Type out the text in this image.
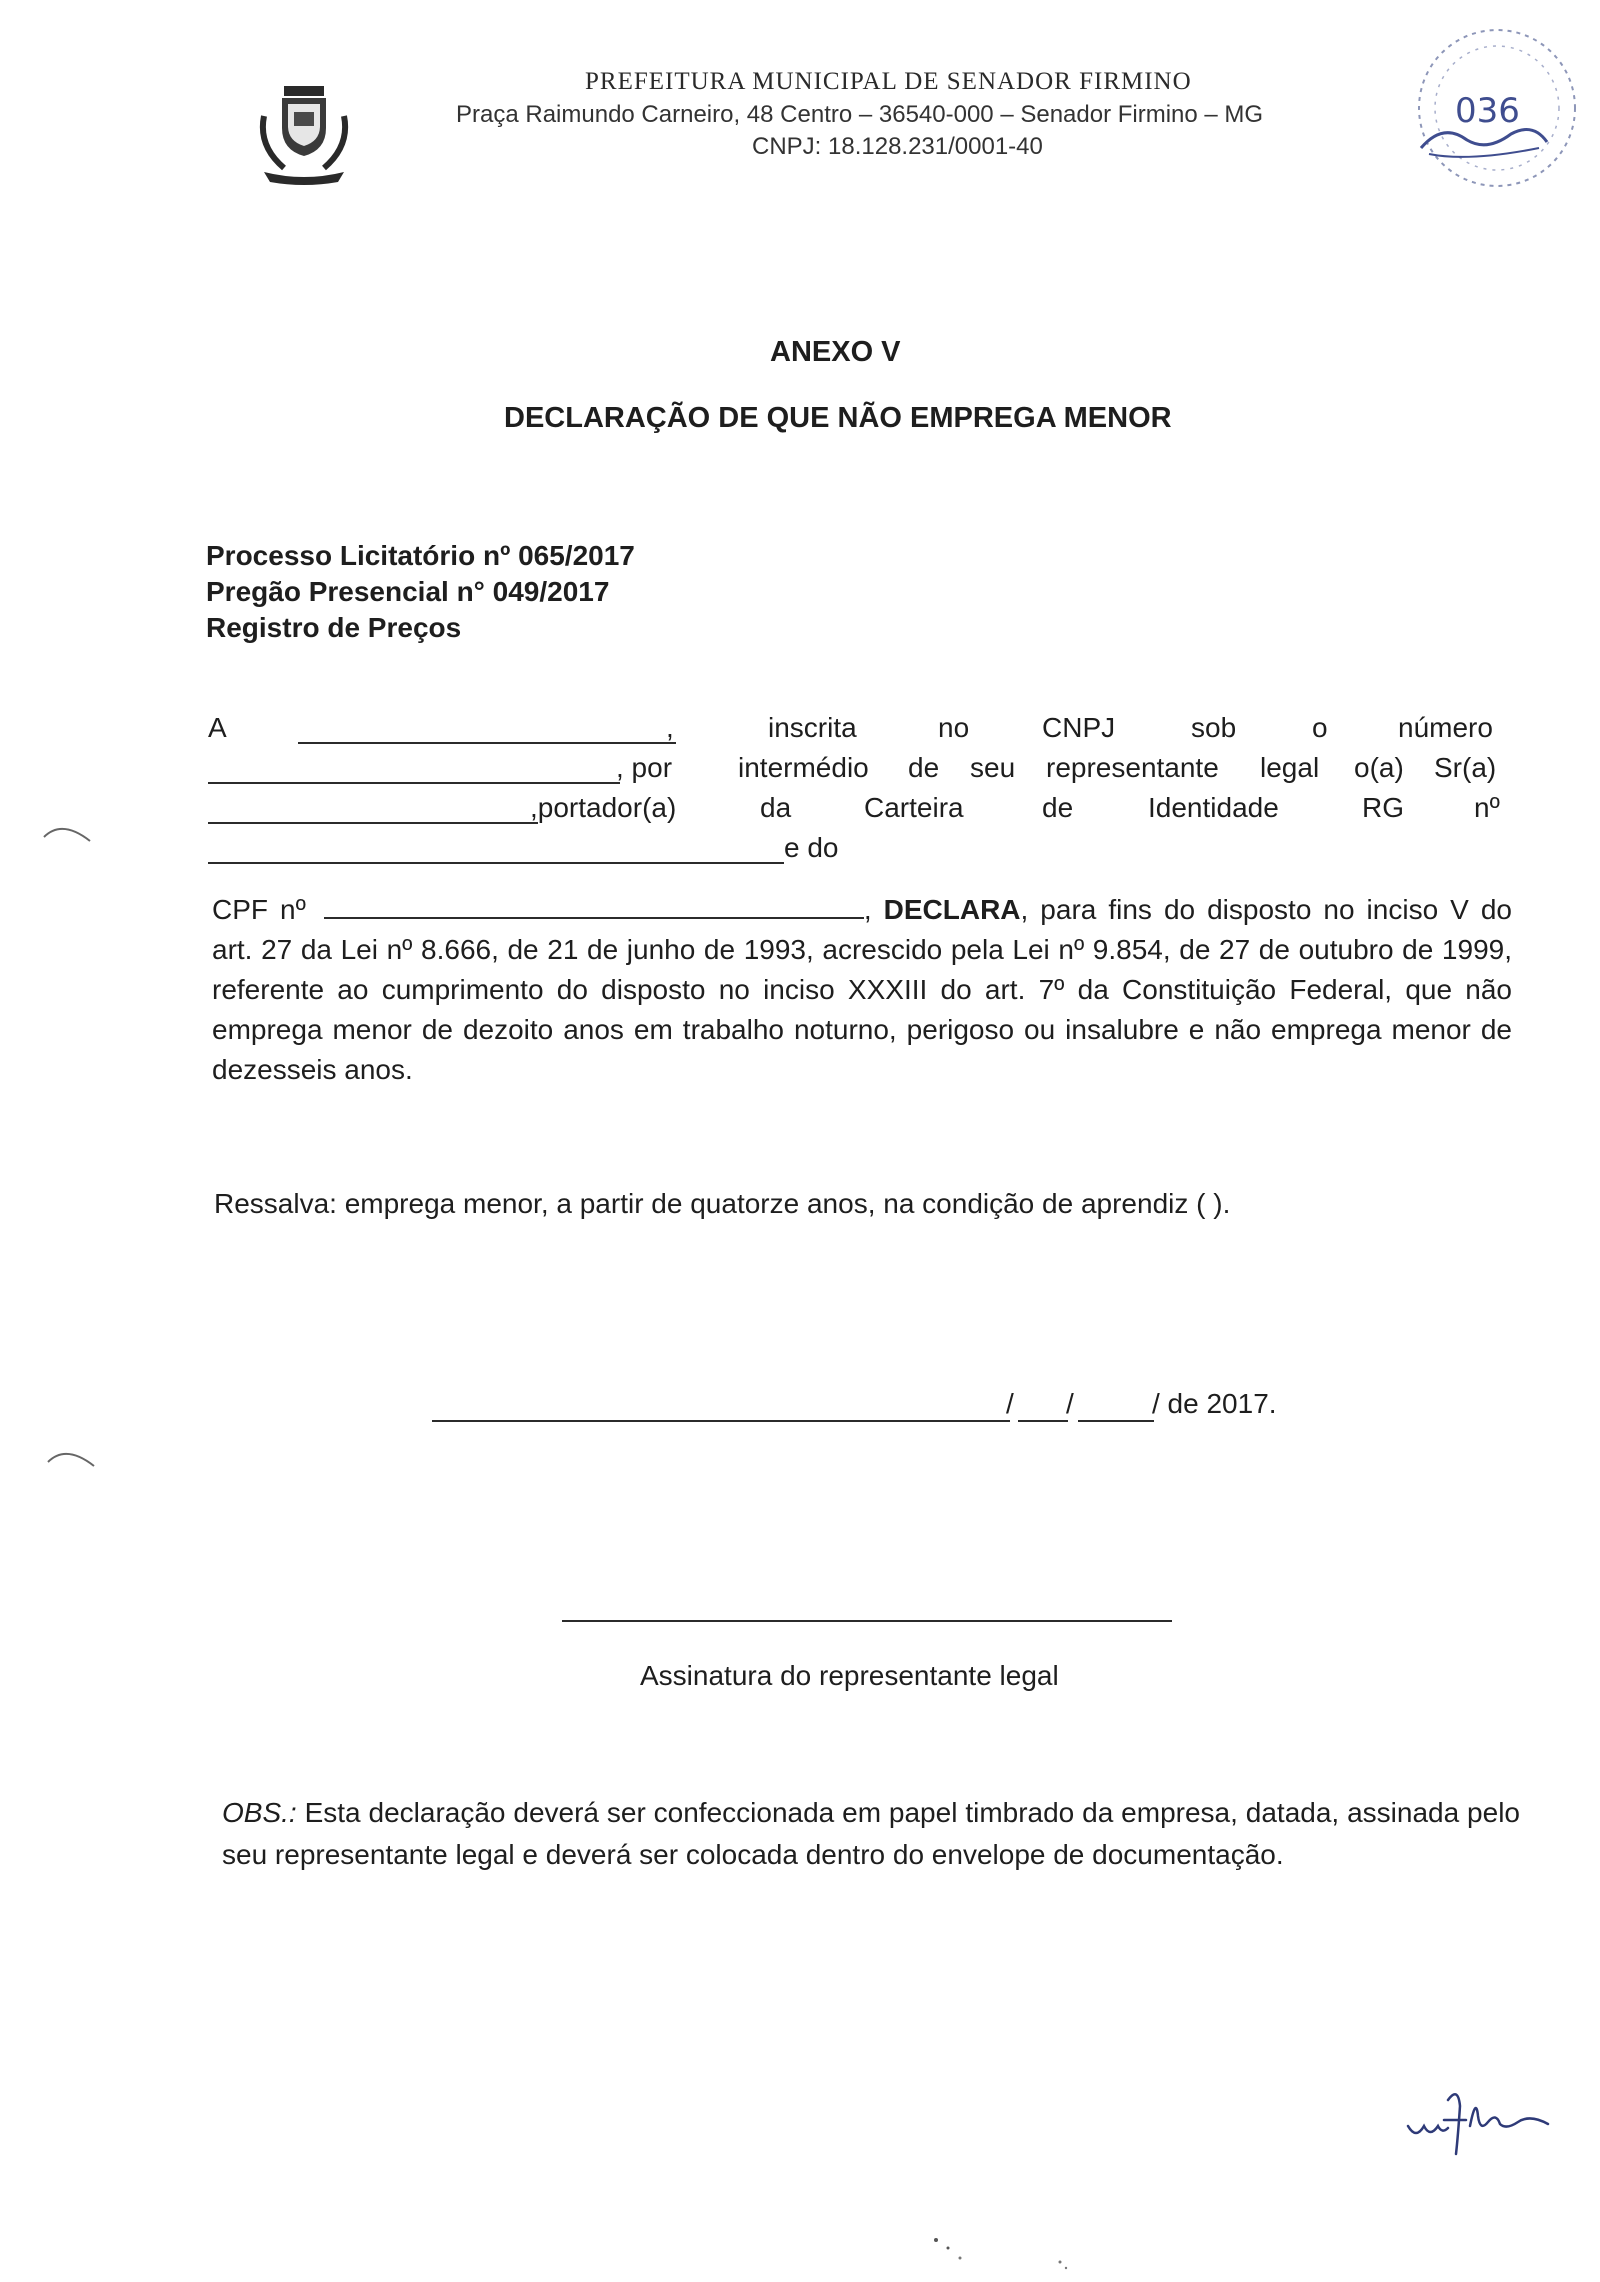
PREFEITURA MUNICIPAL DE SENADOR FIRMINO
Praça Raimundo Carneiro, 48 Centro – 36540-000 – Senador Firmino – MG
CNPJ: 18.128.231/0001-40
036
ANEXO V
DECLARAÇÃO DE QUE NÃO EMPREGA MENOR
Processo Licitatório nº 065/2017
Pregão Presencial n° 049/2017
Registro de Preços
A	,	inscrita	no	CNPJ	sob	o	número
, por intermédio de seu representante legal o(a) Sr(a)
,portador(a)	da	Carteira	de	Identidade	RG	nº
e do
CPF nº	, DECLARA, para fins do disposto no inciso V do art. 27 da Lei nº 8.666, de 21 de junho de 1993, acrescido pela Lei nº 9.854, de 27 de outubro de 1999, referente ao cumprimento do disposto no inciso XXXIII do art. 7º da Constituição Federal, que não emprega menor de dezoito anos em trabalho noturno, perigoso ou insalubre e não emprega menor de dezesseis anos.
Ressalva: emprega menor, a partir de quatorze anos, na condição de aprendiz ( ).
/ /	/ de 2017.
Assinatura do representante legal
OBS.: Esta declaração deverá ser confeccionada em papel timbrado da empresa, datada, assinada pelo seu representante legal e deverá ser colocada dentro do envelope de documentação.
